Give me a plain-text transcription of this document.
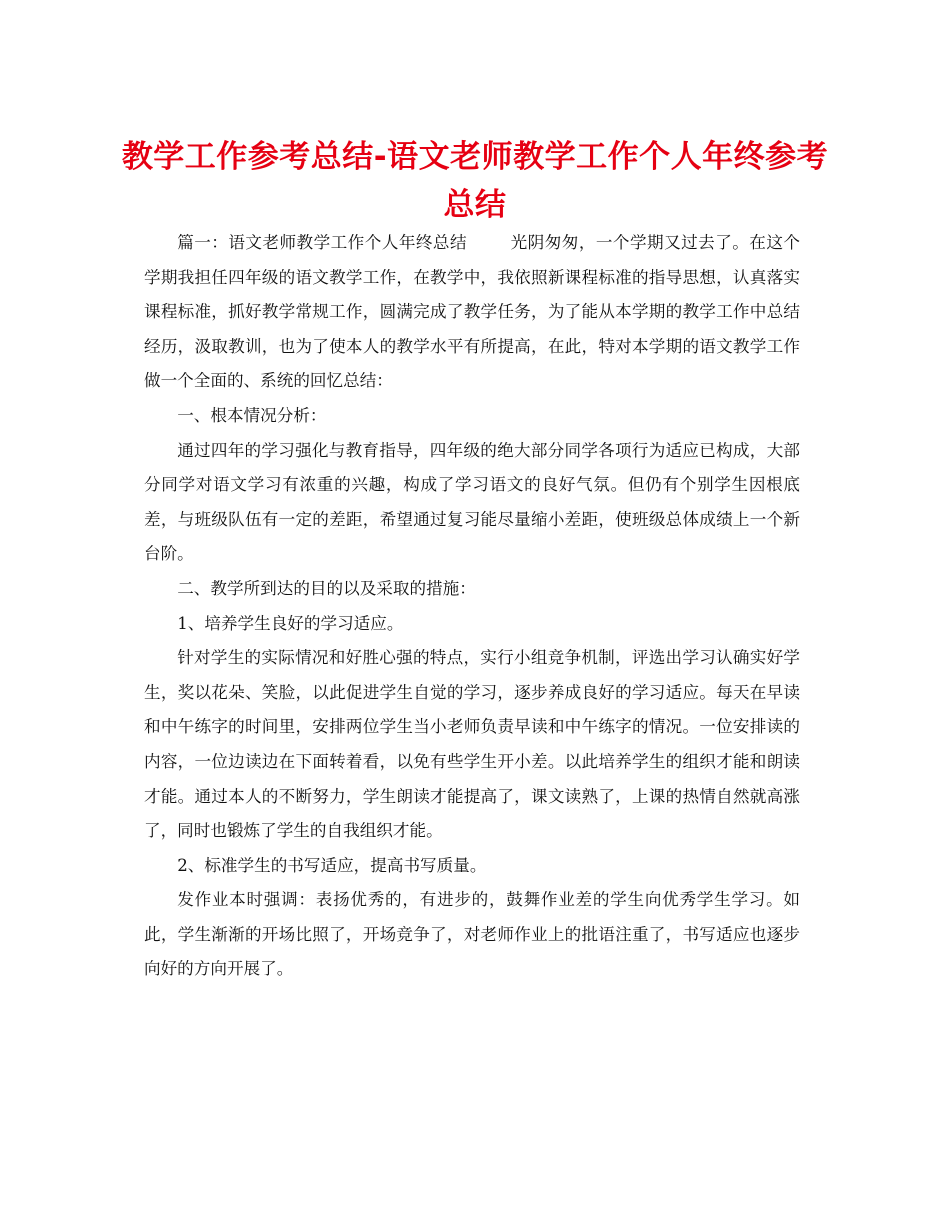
教学工作参考总结-语文老师教学工作个人年终参考总结

篇一：语文老师教学工作个人年终总结	光阴匆匆，一个学期又过去了。在这个学期我担任四年级的语文教学工作，在教学中，我依照新课程标准的指导思想，认真落实课程标准，抓好教学常规工作，圆满完成了教学任务，为了能从本学期的教学工作中总结经历，汲取教训，也为了使本人的教学水平有所提高，在此，特对本学期的语文教学工作做一个全面的、系统的回忆总结：

一、根本情况分析：

通过四年的学习强化与教育指导，四年级的绝大部分同学各项行为适应已构成，大部分同学对语文学习有浓重的兴趣，构成了学习语文的良好气氛。但仍有个别学生因根底差，与班级队伍有一定的差距，希望通过复习能尽量缩小差距，使班级总体成绩上一个新台阶。

二、教学所到达的目的以及采取的措施：

1、培养学生良好的学习适应。

针对学生的实际情况和好胜心强的特点，实行小组竞争机制，评选出学习认确实好学生，奖以花朵、笑脸，以此促进学生自觉的学习，逐步养成良好的学习适应。每天在早读和中午练字的时间里，安排两位学生当小老师负责早读和中午练字的情况。一位安排读的内容，一位边读边在下面转着看，以免有些学生开小差。以此培养学生的组织才能和朗读才能。通过本人的不断努力，学生朗读才能提高了，课文读熟了，上课的热情自然就高涨了，同时也锻炼了学生的自我组织才能。

2、标准学生的书写适应，提高书写质量。

发作业本时强调：表扬优秀的，有进步的，鼓舞作业差的学生向优秀学生学习。如此，学生渐渐的开场比照了，开场竞争了，对老师作业上的批语注重了，书写适应也逐步向好的方向开展了。
